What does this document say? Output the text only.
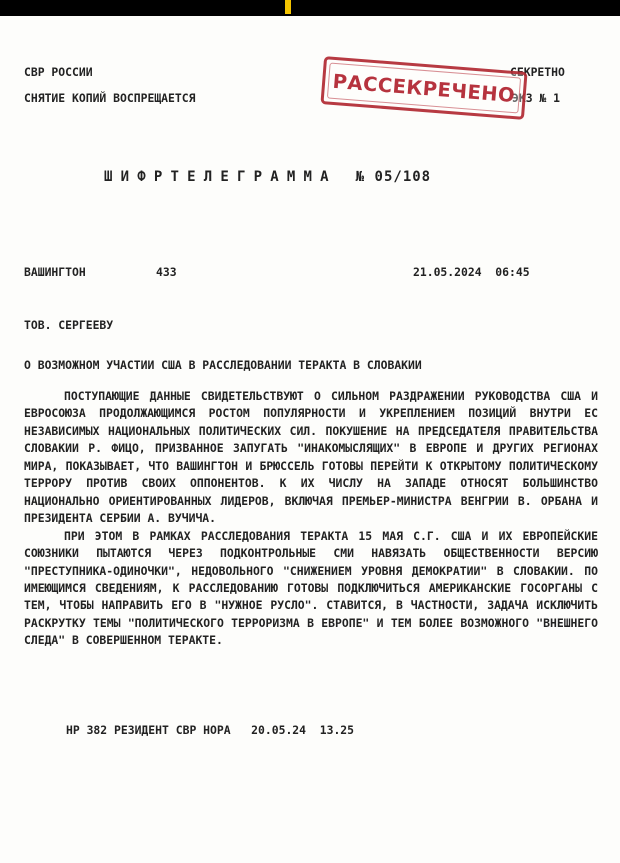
СВР РОССИИ
СНЯТИЕ КОПИЙ ВОСПРЕЩАЕТСЯ
СЕКРЕТНО
ЭКЗ № 1
РАССЕКРЕЧЕНО
ШИФРТЕЛЕГРАММА № 05/108
ВАШИНГТОН	433	21.05.2024  06:45
ТОВ. СЕРГЕЕВУ
О ВОЗМОЖНОМ УЧАСТИИ США В РАССЛЕДОВАНИИ ТЕРАКТА В СЛОВАКИИ

ПОСТУПАЮЩИЕ ДАННЫЕ СВИДЕТЕЛЬСТВУЮТ О СИЛЬНОМ РАЗДРАЖЕНИИ РУКОВОДСТВА США И ЕВРОСОЮЗА ПРОДОЛЖАЮЩИМСЯ РОСТОМ ПОПУЛЯРНОСТИ И УКРЕПЛЕНИЕМ ПОЗИЦИЙ ВНУТРИ ЕС НЕЗАВИСИМЫХ НАЦИОНАЛЬНЫХ ПОЛИТИЧЕСКИХ СИЛ. ПОКУШЕНИЕ НА ПРЕДСЕДАТЕЛЯ ПРАВИТЕЛЬСТВА СЛОВАКИИ Р. ФИЦО, ПРИЗВАННОЕ ЗАПУГАТЬ "ИНАКОМЫСЛЯЩИХ" В ЕВРОПЕ И ДРУГИХ РЕГИОНАХ МИРА, ПОКАЗЫВАЕТ, ЧТО ВАШИНГТОН И БРЮССЕЛЬ ГОТОВЫ ПЕРЕЙТИ К ОТКРЫТОМУ ПОЛИТИЧЕСКОМУ ТЕРРОРУ ПРОТИВ СВОИХ ОППОНЕНТОВ. К ИХ ЧИСЛУ НА ЗАПАДЕ ОТНОСЯТ БОЛЬШИНСТВО НАЦИОНАЛЬНО ОРИЕНТИРОВАННЫХ ЛИДЕРОВ, ВКЛЮЧАЯ ПРЕМЬЕР-МИНИСТРА ВЕНГРИИ В. ОРБАНА И ПРЕЗИДЕНТА СЕРБИИ А. ВУЧИЧА.

ПРИ ЭТОМ В РАМКАХ РАССЛЕДОВАНИЯ ТЕРАКТА 15 МАЯ С.Г. США И ИХ ЕВРОПЕЙСКИЕ СОЮЗНИКИ ПЫТАЮТСЯ ЧЕРЕЗ ПОДКОНТРОЛЬНЫЕ СМИ НАВЯЗАТЬ ОБЩЕСТВЕННОСТИ ВЕРСИЮ "ПРЕСТУПНИКА-ОДИНОЧКИ", НЕДОВОЛЬНОГО "СНИЖЕНИЕМ УРОВНЯ ДЕМОКРАТИИ" В СЛОВАКИИ. ПО ИМЕЮЩИМСЯ СВЕДЕНИЯМ, К РАССЛЕДОВАНИЮ ГОТОВЫ ПОДКЛЮЧИТЬСЯ АМЕРИКАНСКИЕ ГОСОРГАНЫ С ТЕМ, ЧТОБЫ НАПРАВИТЬ ЕГО В "НУЖНОЕ РУСЛО". СТАВИТСЯ, В ЧАСТНОСТИ, ЗАДАЧА ИСКЛЮЧИТЬ РАСКРУТКУ ТЕМЫ "ПОЛИТИЧЕСКОГО ТЕРРОРИЗМА В ЕВРОПЕ" И ТЕМ БОЛЕЕ ВОЗМОЖНОГО "ВНЕШНЕГО СЛЕДА" В СОВЕРШЕННОМ ТЕРАКТЕ.

НР 382 РЕЗИДЕНТ СВР НОРА   20.05.24  13.25
